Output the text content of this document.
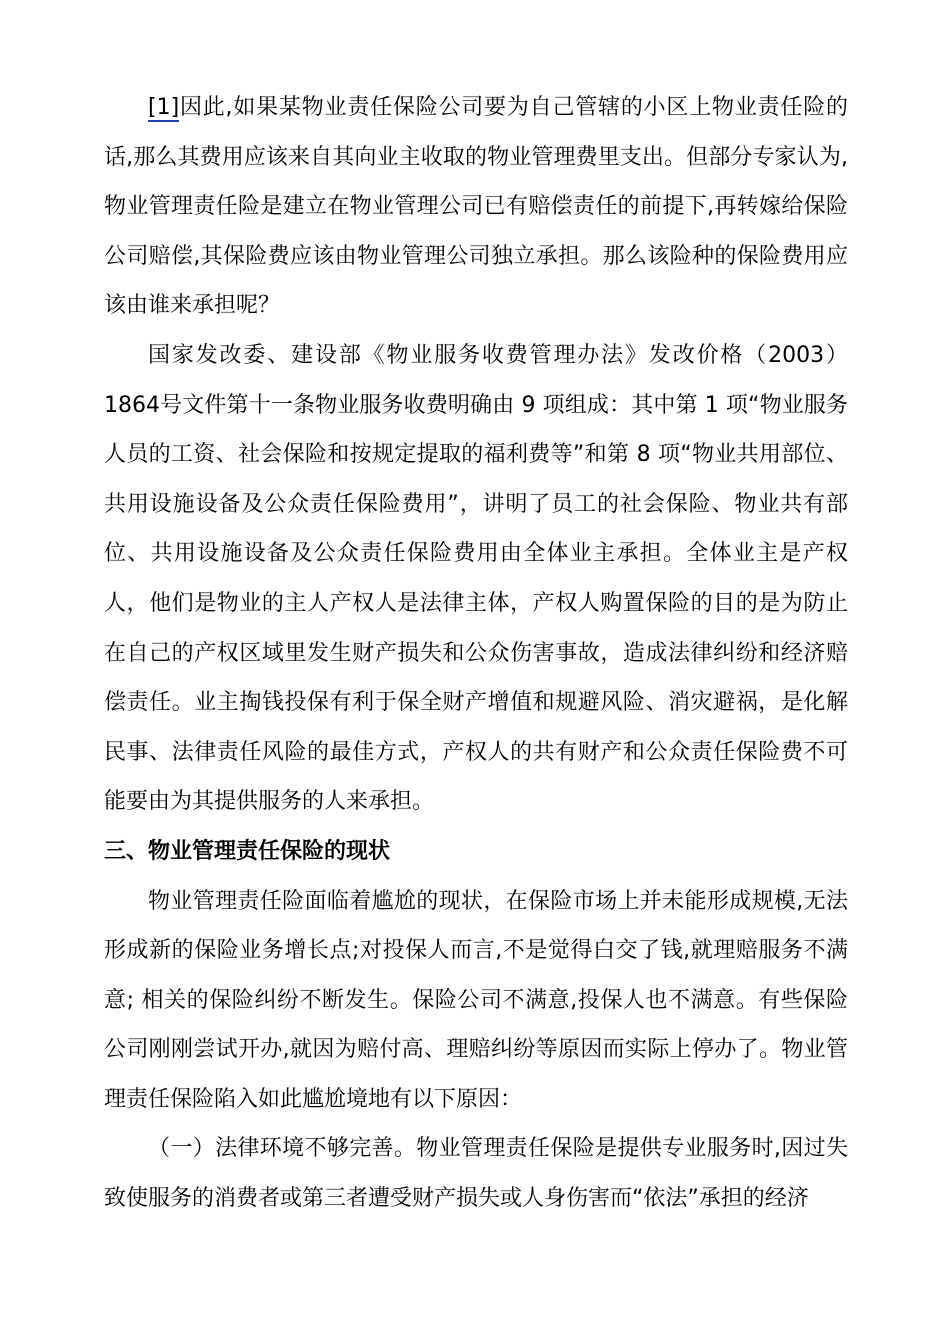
[1]因此,如果某物业责任保险公司要为自己管辖的小区上物业责任险的话,那么其费用应该来自其向业主收取的物业管理费里支出。但部分专家认为,物业管理责任险是建立在物业管理公司已有赔偿责任的前提下,再转嫁给保险公司赔偿,其保险费应该由物业管理公司独立承担。那么该险种的保险费用应该由谁来承担呢？

国家发改委、建设部《物业服务收费管理办法》发改价格（2003）1864号文件第十一条物业服务收费明确由 9 项组成：其中第 1 项“物业服务人员的工资、社会保险和按规定提取的福利费等”和第 8 项“物业共用部位、共用设施设备及公众责任保险费用”，讲明了员工的社会保险、物业共有部位、共用设施设备及公众责任保险费用由全体业主承担。全体业主是产权人，他们是物业的主人产权人是法律主体，产权人购置保险的目的是为防止在自己的产权区域里发生财产损失和公众伤害事故，造成法律纠纷和经济赔偿责任。业主掏钱投保有利于保全财产增值和规避风险、消灾避祸，是化解民事、法律责任风险的最佳方式，产权人的共有财产和公众责任保险费不可能要由为其提供服务的人来承担。

三、物业管理责任保险的现状

物业管理责任险面临着尴尬的现状，在保险市场上并未能形成规模,无法形成新的保险业务增长点;对投保人而言,不是觉得白交了钱,就理赔服务不满意; 相关的保险纠纷不断发生。保险公司不满意,投保人也不满意。有些保险公司刚刚尝试开办,就因为赔付高、理赔纠纷等原因而实际上停办了。物业管理责任保险陷入如此尴尬境地有以下原因：

（一）法律环境不够完善。物业管理责任保险是提供专业服务时,因过失致使服务的消费者或第三者遭受财产损失或人身伤害而“依法”承担的经济
